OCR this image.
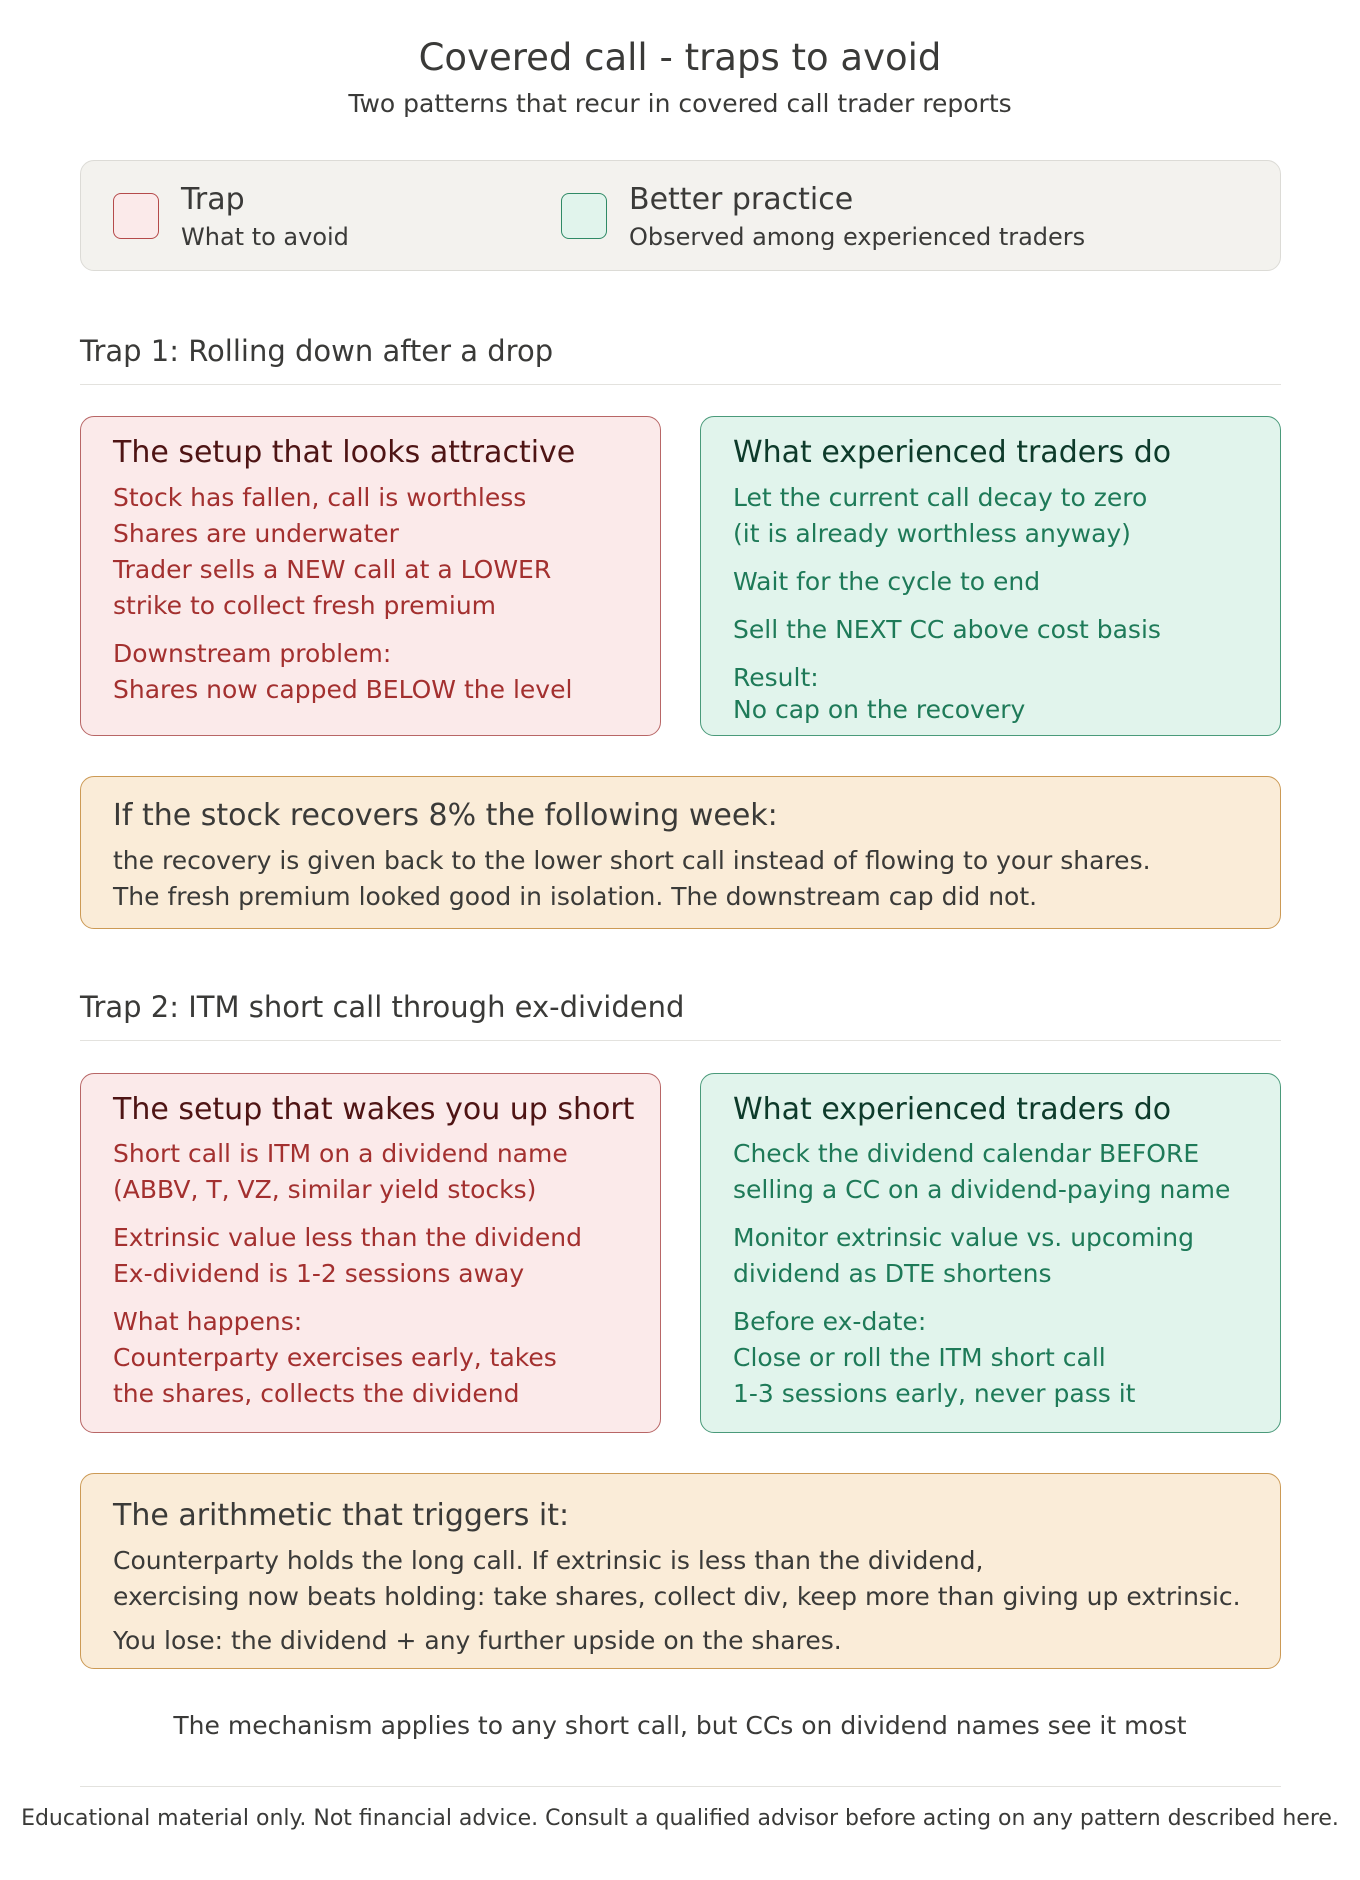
Covered call - traps to avoid
Two patterns that recur in covered call trader reports
Trap
What to avoid
Better practice
Observed among experienced traders
Trap 1: Rolling down after a drop
The setup that looks attractive
Stock has fallen, call is worthless
Shares are underwater
Trader sells a NEW call at a LOWER
strike to collect fresh premium
Downstream problem:
Shares now capped BELOW the level
What experienced traders do
Let the current call decay to zero
(it is already worthless anyway)
Wait for the cycle to end
Sell the NEXT CC above cost basis
Result:
No cap on the recovery
If the stock recovers 8% the following week:
the recovery is given back to the lower short call instead of flowing to your shares.
The fresh premium looked good in isolation. The downstream cap did not.
Trap 2: ITM short call through ex-dividend
The setup that wakes you up short
Short call is ITM on a dividend name
(ABBV, T, VZ, similar yield stocks)
Extrinsic value less than the dividend
Ex-dividend is 1-2 sessions away
What happens:
Counterparty exercises early, takes
the shares, collects the dividend
What experienced traders do
Check the dividend calendar BEFORE
selling a CC on a dividend-paying name
Monitor extrinsic value vs. upcoming
dividend as DTE shortens
Before ex-date:
Close or roll the ITM short call
1-3 sessions early, never pass it
The arithmetic that triggers it:
Counterparty holds the long call. If extrinsic is less than the dividend,
exercising now beats holding: take shares, collect div, keep more than giving up extrinsic.
You lose: the dividend + any further upside on the shares.
The mechanism applies to any short call, but CCs on dividend names see it most
Educational material only. Not financial advice. Consult a qualified advisor before acting on any pattern described here.
